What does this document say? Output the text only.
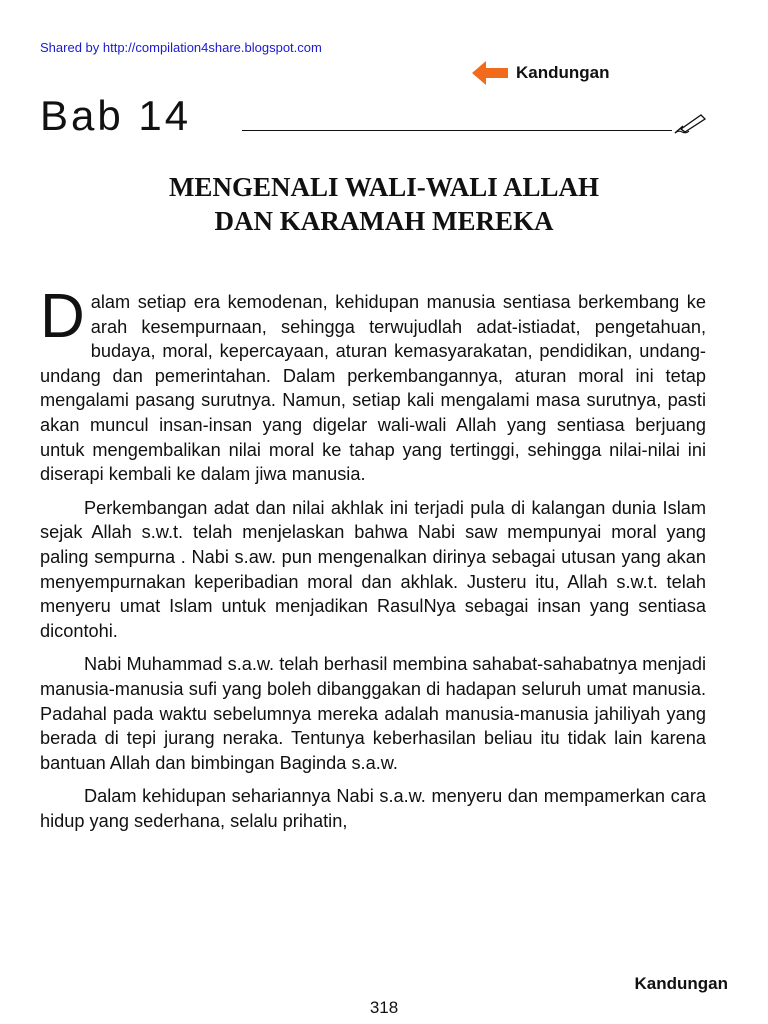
Shared by http://compilation4share.blogspot.com
Kandungan
Bab 14
MENGENALI WALI-WALI ALLAH
DAN KARAMAH MEREKA

Dalam setiap era kemodenan, kehidupan manusia sentiasa berkembang ke arah kesempurnaan, sehingga terwujudlah adat-istiadat, pengetahuan, budaya, moral, kepercayaan, aturan kemasyarakatan, pendidikan, undang-undang dan pemerintahan. Dalam perkembangannya, aturan moral ini tetap mengalami pasang surutnya. Namun, setiap kali mengalami masa surutnya, pasti akan muncul insan-insan yang digelar wali-wali Allah yang sentiasa berjuang untuk mengembalikan nilai moral ke tahap yang tertinggi, sehingga nilai-nilai ini diserapi kembali ke dalam jiwa manusia.

Perkembangan adat dan nilai akhlak ini terjadi pula di kalangan dunia Islam sejak Allah s.w.t. telah menjelaskan bahwa Nabi saw mempunyai moral yang paling sempurna . Nabi s.aw. pun mengenalkan dirinya sebagai utusan yang akan menyempurnakan keperibadian moral dan akhlak. Justeru itu, Allah s.w.t. telah menyeru umat Islam untuk menjadikan RasulNya sebagai insan yang sentiasa dicontohi.

Nabi Muhammad s.a.w. telah berhasil membina sahabat-sahabatnya menjadi manusia-manusia sufi yang boleh dibanggakan di hadapan seluruh umat manusia. Padahal pada waktu sebelumnya mereka adalah manusia-manusia jahiliyah yang berada di tepi jurang neraka. Tentunya keberhasilan beliau itu tidak lain karena bantuan Allah dan bimbingan Baginda s.a.w.

Dalam kehidupan sehariannya Nabi s.a.w. menyeru dan mempamerkan cara hidup yang sederhana, selalu prihatin,

Kandungan
318
